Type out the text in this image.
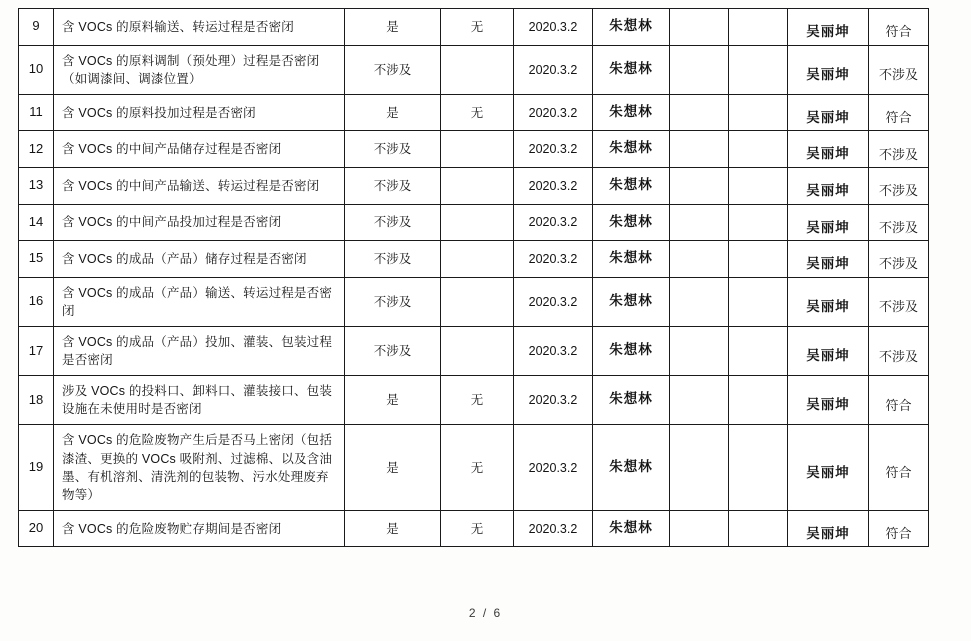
9	含 VOCs 的原料输送、转运过程是否密闭	是	无	2020.3.2	朱想林			吴丽坤	符合

10	含 VOCs 的原料调制（预处理）过程是否密闭（如调漆间、调漆位置）	不涉及		2020.3.2	朱想林			吴丽坤	不涉及

11	含 VOCs 的原料投加过程是否密闭	是	无	2020.3.2	朱想林			吴丽坤	符合

12	含 VOCs 的中间产品储存过程是否密闭	不涉及		2020.3.2	朱想林			吴丽坤	不涉及

13	含 VOCs 的中间产品输送、转运过程是否密闭	不涉及		2020.3.2	朱想林			吴丽坤	不涉及

14	含 VOCs 的中间产品投加过程是否密闭	不涉及		2020.3.2	朱想林			吴丽坤	不涉及

15	含 VOCs 的成品（产品）储存过程是否密闭	不涉及		2020.3.2	朱想林			吴丽坤	不涉及

16	含 VOCs 的成品（产品）输送、转运过程是否密闭	不涉及		2020.3.2	朱想林			吴丽坤	不涉及

17	含 VOCs 的成品（产品）投加、灌装、包装过程是否密闭	不涉及		2020.3.2	朱想林			吴丽坤	不涉及

18	涉及 VOCs 的投料口、卸料口、灌装接口、包装设施在未使用时是否密闭	是	无	2020.3.2	朱想林			吴丽坤	符合

19	含 VOCs 的危险废物产生后是否马上密闭（包括漆渣、更换的 VOCs 吸附剂、过滤棉、以及含油墨、有机溶剂、清洗剂的包装物、污水处理废弃物等）	是	无	2020.3.2	朱想林			吴丽坤	符合

20	含 VOCs 的危险废物贮存期间是否密闭	是	无	2020.3.2	朱想林			吴丽坤	符合
2 / 6
